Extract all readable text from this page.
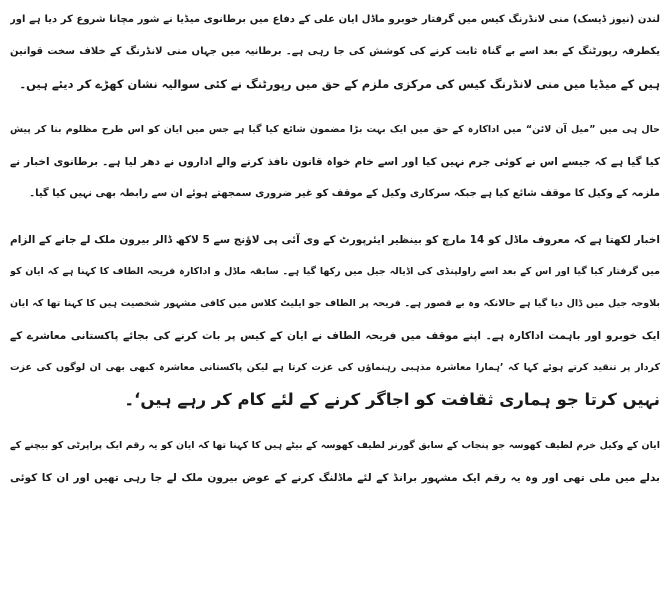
لندن (نیوز ڈیسک) منی لانڈرنگ کیس میں گرفتار خوبرو ماڈل ایان علی کے دفاع میں برطانوی میڈیا نے شور مچانا شروع کر دیا ہے اور
یکطرفہ رپورٹنگ کے بعد اسے بے گناہ ثابت کرنے کی کوشش کی جا رہی ہے۔ برطانیہ میں جہاں منی لانڈرنگ کے خلاف سخت قوانین
ہیں کے میڈیا میں منی لانڈرنگ کیس کی مرکزی ملزم کے حق میں رپورٹنگ نے کئی سوالیہ نشان کھڑے کر دیئے ہیں۔

حال ہی میں ”میل آن لائن“ میں اداکارہ کے حق میں ایک بہت بڑا مضمون شائع کیا گیا ہے جس میں ایان کو اس طرح مظلوم بنا کر پیش
کیا گیا ہے کہ جیسے اس نے کوئی جرم نہیں کیا اور اسے خام خواہ قانون نافذ کرنے والے اداروں نے دھر لیا ہے۔ برطانوی اخبار نے
ملزمہ کے وکیل کا موقف شائع کیا ہے جبکہ سرکاری وکیل کے موقف کو غیر ضروری سمجھتے ہوئے ان سے رابطہ بھی نہیں کیا گیا۔

اخبار لکھتا ہے کہ معروف ماڈل کو 14 مارچ کو بینظیر ایئرپورٹ کے وی آئی پی لاؤنج سے 5 لاکھ ڈالر بیرون ملک لے جانے کے الزام
میں گرفتار کیا گیا اور اس کے بعد اسے راولپنڈی کی اڈیالہ جیل میں رکھا گیا ہے۔ سابقہ ماڈل و اداکارہ فریحہ الطاف کا کہنا ہے کہ ایان کو
بلاوجہ جیل میں ڈال دیا گیا ہے حالانکہ وہ بے قصور ہے۔ فریحہ پر الطاف جو ایلیٹ کلاس میں کافی مشہور شخصیت ہیں کا کہنا تھا کہ ایان
ایک خوبرو اور باہمت اداکارہ ہے۔ اپنے موقف میں فریحہ الطاف نے ایان کے کیس پر بات کرنے کی بجائے پاکستانی معاشرے کے
کردار پر تنقید کرتے ہوئے کہا کہ ’ہمارا معاشرہ مذہبی رہنماؤں کی عزت کرتا ہے لیکن پاکستانی معاشرہ کبھی بھی ان لوگوں کی عزت
نہیں کرتا جو ہماری ثقافت کو اجاگر کرنے کے لئے کام کر رہے ہیں‘۔

ایان کے وکیل خرم لطیف کھوسہ جو پنجاب کے سابق گورنر لطیف کھوسہ کے بیٹے ہیں کا کہنا تھا کہ ایان کو یہ رقم ایک پراپرٹی کو بیچنے کے
بدلے میں ملی تھی اور وہ یہ رقم ایک مشہور برانڈ کے لئے ماڈلنگ کرنے کے عوض بیرون ملک لے جا رہی تھیں اور ان کا کوئی
